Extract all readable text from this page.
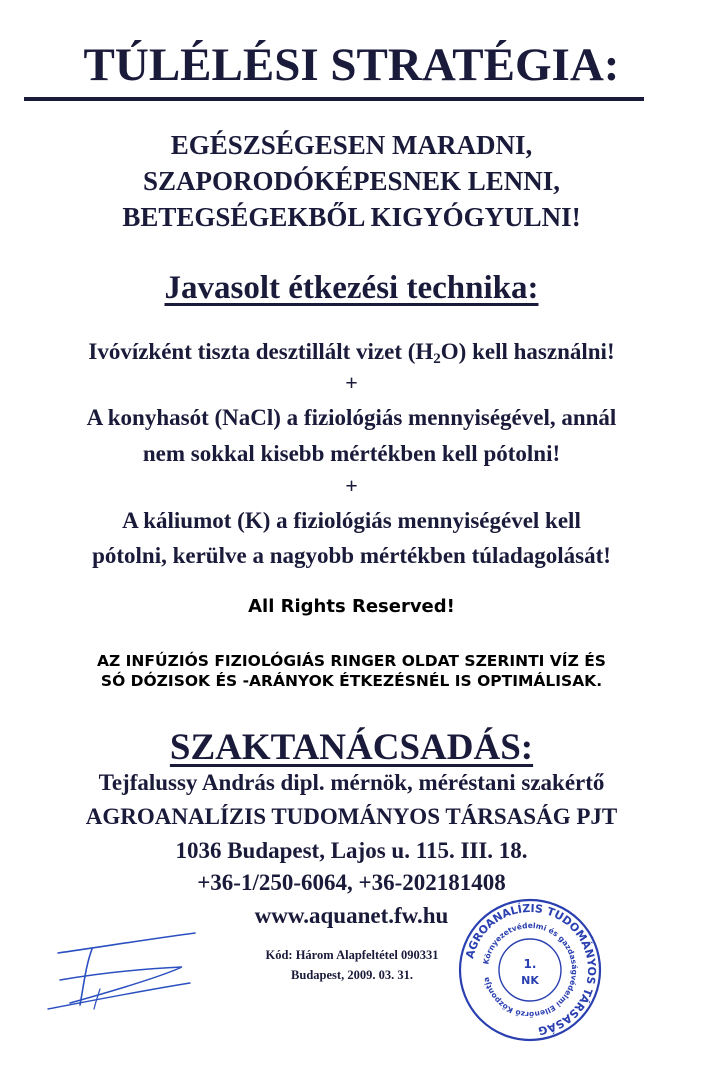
TÚLÉLÉSI STRATÉGIA:
EGÉSZSÉGESEN MARADNI,
SZAPORODÓKÉPESNEK LENNI,
BETEGSÉGEKBŐL KIGYÓGYULNI!
Javasolt étkezési technika:
Ivóvízként tiszta desztillált vizet $(H_2O)$ kell használni!
+
A konyhasót (NaCl) a fiziológiás mennyiségével, annál
nem sokkal kisebb mértékben kell pótolni!
+
A káliumot (K) a fiziológiás mennyiségével kell
pótolni, kerülve a nagyobb mértékben túladagolását!
All Rights Reserved!
AZ INFÚZIÓS FIZIOLÓGIÁS RINGER OLDAT SZERINTI VÍZ ÉS
SÓ DÓZISOK ÉS -ARÁNYOK ÉTKEZÉSNÉL IS OPTIMÁLISAK.
SZAKTANÁCSADÁS:
Tejfalussy András dipl. mérnök, méréstani szakértő
AGROANALÍZIS TUDOMÁNYOS TÁRSASÁG PJT
1036 Budapest, Lajos u. 115. III. 18.
+36-1/250-6064, +36-202181408
www.aquanet.fw.hu
Kód: Három Alapfeltétel 090331
Budapest, 2009. 03. 31.
AGROANALÍZIS TUDOMÁNYOS TÁRSASÁG
Környezetvédelmi és gazdaságvédelmi Ellenőrző Központja
1.
NK
